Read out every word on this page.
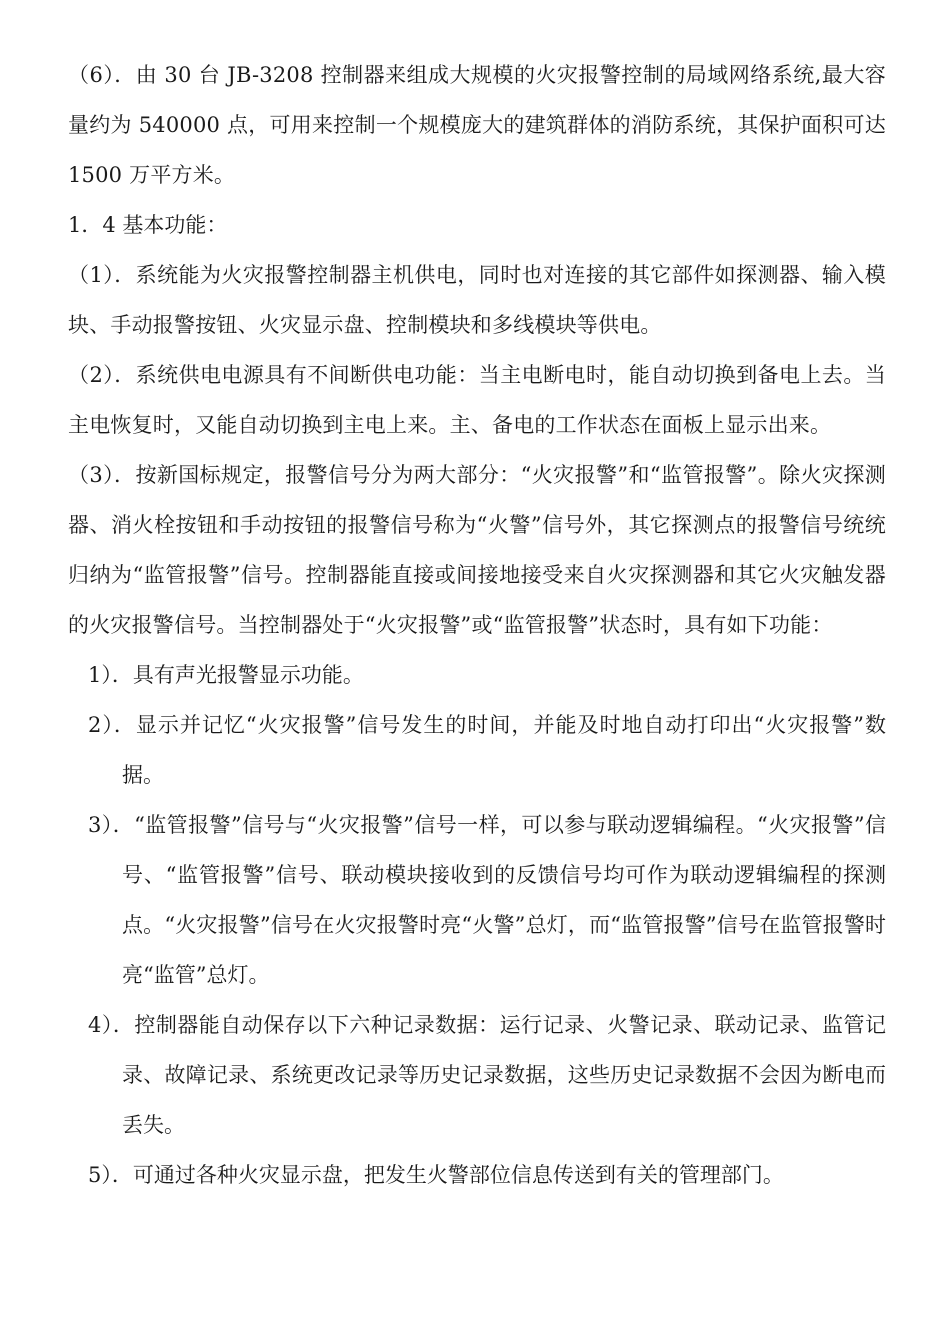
（6）．由 30 台 JB-3208 控制器来组成大规模的火灾报警控制的局域网络系统,最大容量约为 540000 点，可用来控制一个规模庞大的建筑群体的消防系统，其保护面积可达 1500 万平方米。

1．4 基本功能：

（1）．系统能为火灾报警控制器主机供电，同时也对连接的其它部件如探测器、输入模块、手动报警按钮、火灾显示盘、控制模块和多线模块等供电。

（2）．系统供电电源具有不间断供电功能：当主电断电时，能自动切换到备电上去。当主电恢复时，又能自动切换到主电上来。主、备电的工作状态在面板上显示出来。

（3）．按新国标规定，报警信号分为两大部分：“火灾报警”和“监管报警”。除火灾探测器、消火栓按钮和手动按钮的报警信号称为“火警”信号外，其它探测点的报警信号统统归纳为“监管报警”信号。控制器能直接或间接地接受来自火灾探测器和其它火灾触发器的火灾报警信号。当控制器处于“火灾报警”或“监管报警”状态时，具有如下功能：

1）．具有声光报警显示功能。

2）．显示并记忆“火灾报警”信号发生的时间，并能及时地自动打印出“火灾报警”数据。

3）．“监管报警”信号与“火灾报警”信号一样，可以参与联动逻辑编程。“火灾报警”信号、“监管报警”信号、联动模块接收到的反馈信号均可作为联动逻辑编程的探测点。“火灾报警”信号在火灾报警时亮“火警”总灯，而“监管报警”信号在监管报警时亮“监管”总灯。

4）．控制器能自动保存以下六种记录数据：运行记录、火警记录、联动记录、监管记录、故障记录、系统更改记录等历史记录数据，这些历史记录数据不会因为断电而丢失。

5）．可通过各种火灾显示盘，把发生火警部位信息传送到有关的管理部门。
